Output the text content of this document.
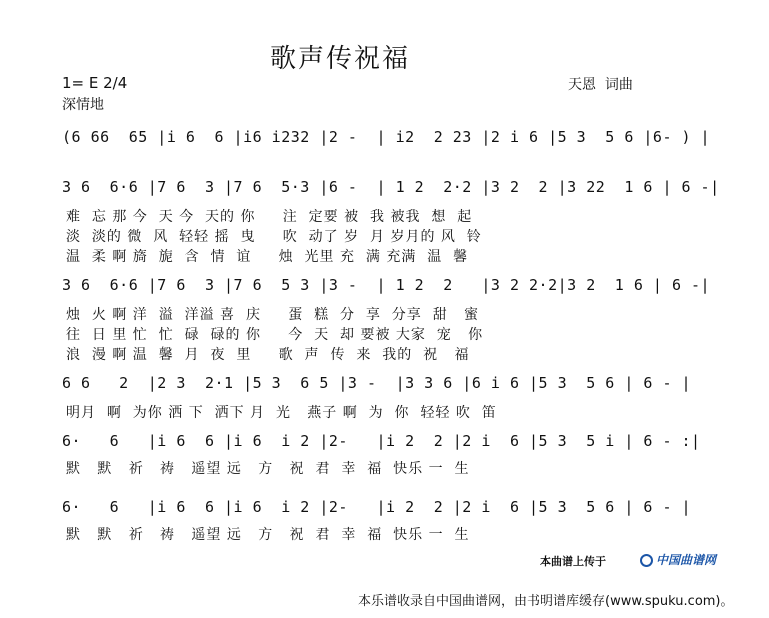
歌声传祝福
1= E 2/4
深情地
天恩  词曲
(6 66  65 |i 6  6 |i6 i232 |2 -  | i2  2 23 |2 i 6 |5 3  5 6 |6- ) |
3 6  6·6 |7 6  3 |7 6  5·3 |6 -  | 1 2  2·2 |3 2  2 |3 22  1 6 | 6 -|
难  忘 那 今  天 今  天的 你     注  定要 被  我 被我  想  起
淡  淡的 微  风  轻轻 摇  曳     吹  动了 岁  月 岁月的 风  铃
温  柔 啊 旖  旎  含  情  谊     烛  光里 充  满 充满  温  馨
3 6  6·6 |7 6  3 |7 6  5 3 |3 -  | 1 2  2   |3 2 2·2|3 2  1 6 | 6 -|
烛  火 啊 洋  溢  洋溢 喜  庆     蛋  糕  分  享  分享  甜   蜜
往  日 里 忙  忙  碌  碌的 你     今  天  却 要被 大家  宠   你
浪  漫 啊 温  馨  月  夜  里     歌  声  传  来  我的  祝   福
6 6   2  |2 3  2·1 |5 3  6 5 |3 -  |3 3 6 |6 i 6 |5 3  5 6 | 6 - |
明月  啊  为你 洒 下  洒下 月  光   燕子 啊  为  你  轻轻 吹  笛
6·   6   |i 6  6 |i 6  i 2 |2-   |i 2  2 |2 i  6 |5 3  5 i | 6 - :|
默   默   祈   祷   遥望 远   方   祝  君  幸  福  快乐 一  生
6·   6   |i 6  6 |i 6  i 2 |2-   |i 2  2 |2 i  6 |5 3  5 6 | 6 - |
默   默   祈   祷   遥望 远   方   祝  君  幸  福  快乐 一  生
本曲谱上传于	中国曲谱网
本乐谱收录自中国曲谱网，由书明谱库缓存(www.spuku.com)。
